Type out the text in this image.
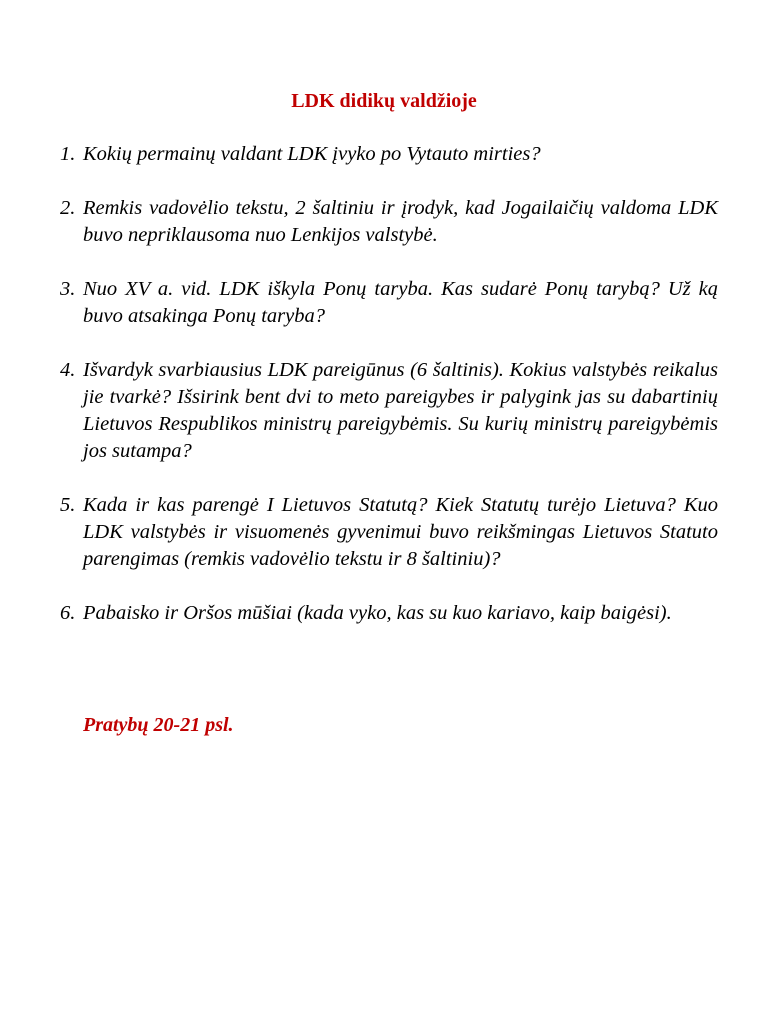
LDK didikų valdžioje
1. Kokių permainų valdant LDK įvyko po Vytauto mirties?
2. Remkis vadovėlio tekstu, 2 šaltiniu ir įrodyk, kad Jogailaičių valdoma LDK buvo nepriklausoma nuo Lenkijos valstybė.
3. Nuo XV a. vid. LDK iškyla Ponų taryba. Kas sudarė Ponų tarybą? Už ką buvo atsakinga Ponų taryba?
4. Išvardyk svarbiausius LDK pareigūnus (6 šaltinis). Kokius valstybės reikalus jie tvarkė? Išsirink bent dvi to meto pareigybes ir palygink jas su dabartinių Lietuvos Respublikos ministrų pareigybėmis. Su kurių ministrų pareigybėmis jos sutampa?
5. Kada ir kas parengė I Lietuvos Statutą? Kiek Statutų turėjo Lietuva? Kuo LDK valstybės ir visuomenės gyvenimui buvo reikšmingas Lietuvos Statuto parengimas (remkis vadovėlio tekstu ir 8 šaltiniu)?
6. Pabaisko ir Oršos mūšiai (kada vyko, kas su kuo kariavo, kaip baigėsi).
Pratybų 20-21 psl.
